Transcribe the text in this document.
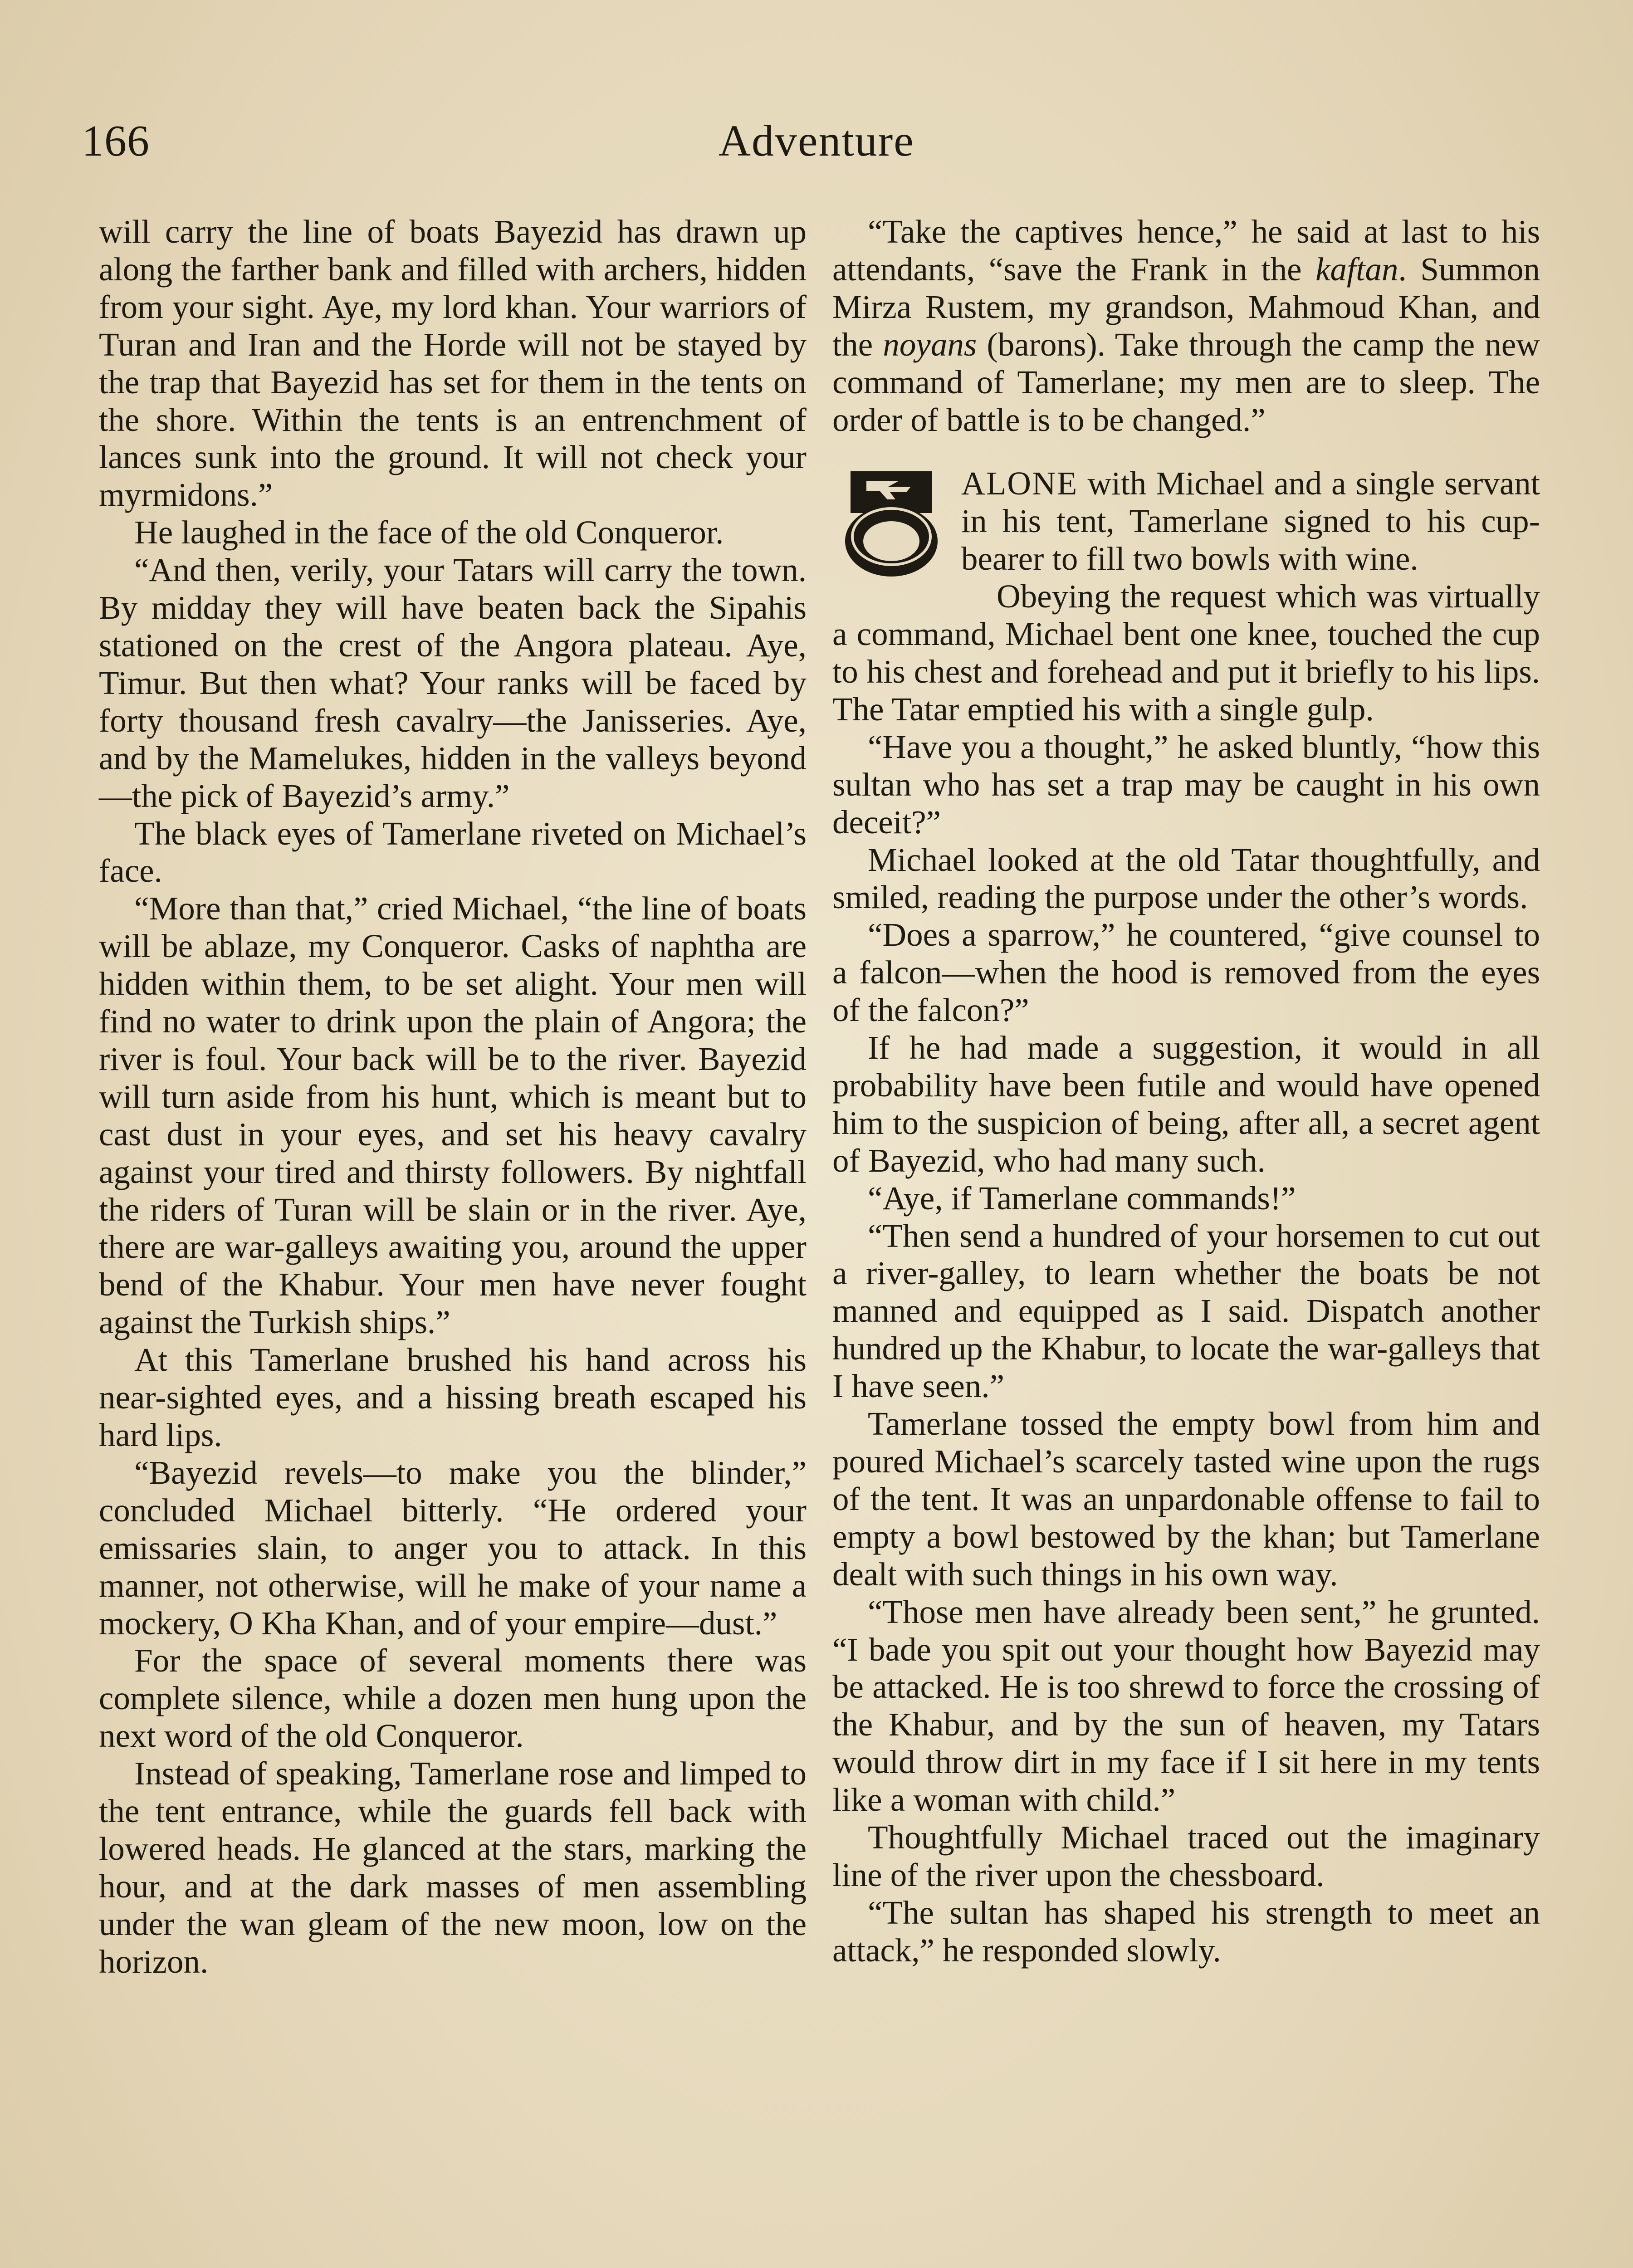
166	Adventure

will carry the line of boats Bayezid has drawn up along the farther bank and filled with archers, hidden from your sight. Aye, my lord khan. Your warriors of Turan and Iran and the Horde will not be stayed by the trap that Bayezid has set for them in the tents on the shore. Within the tents is an entrenchment of lances sunk into the ground. It will not check your myrmidons.”

He laughed in the face of the old Conqueror.

“And then, verily, your Tatars will carry the town. By midday they will have beaten back the Sipahis stationed on the crest of the Angora plateau. Aye, Timur. But then what? Your ranks will be faced by forty thousand fresh cavalry—the Janisseries. Aye, and by the Mamelukes, hidden in the valleys beyond—the pick of Bayezid’s army.”

The black eyes of Tamerlane riveted on Michael’s face.

“More than that,” cried Michael, “the line of boats will be ablaze, my Conqueror. Casks of naphtha are hidden within them, to be set alight. Your men will find no water to drink upon the plain of Angora; the river is foul. Your back will be to the river. Bayezid will turn aside from his hunt, which is meant but to cast dust in your eyes, and set his heavy cavalry against your tired and thirsty followers. By nightfall the riders of Turan will be slain or in the river. Aye, there are war-galleys awaiting you, around the upper bend of the Khabur. Your men have never fought against the Turkish ships.”

At this Tamerlane brushed his hand across his near-sighted eyes, and a hissing breath escaped his hard lips.

“Bayezid revels—to make you the blinder,” concluded Michael bitterly. “He ordered your emissaries slain, to anger you to attack. In this manner, not otherwise, will he make of your name a mockery, O Kha Khan, and of your empire—dust.”

For the space of several moments there was complete silence, while a dozen men hung upon the next word of the old Conqueror.

Instead of speaking, Tamerlane rose and limped to the tent entrance, while the guards fell back with lowered heads. He glanced at the stars, marking the hour, and at the dark masses of men assembling under the wan gleam of the new moon, low on the horizon.

“Take the captives hence,” he said at last to his attendants, “save the Frank in the kaftan. Summon Mirza Rustem, my grandson, Mahmoud Khan, and the noyans (barons). Take through the camp the new command of Tamerlane; my men are to sleep. The order of battle is to be changed.”

ALONE with Michael and a single servant in his tent, Tamerlane signed to his cup-bearer to fill two bowls with wine.

Obeying the request which was virtually a command, Michael bent one knee, touched the cup to his chest and forehead and put it briefly to his lips. The Tatar emptied his with a single gulp.

“Have you a thought,” he asked bluntly, “how this sultan who has set a trap may be caught in his own deceit?”

Michael looked at the old Tatar thoughtfully, and smiled, reading the purpose under the other’s words.

“Does a sparrow,” he countered, “give counsel to a falcon—when the hood is removed from the eyes of the falcon?”

If he had made a suggestion, it would in all probability have been futile and would have opened him to the suspicion of being, after all, a secret agent of Bayezid, who had many such.

“Aye, if Tamerlane commands!”

“Then send a hundred of your horsemen to cut out a river-galley, to learn whether the boats be not manned and equipped as I said. Dispatch another hundred up the Khabur, to locate the war-galleys that I have seen.”

Tamerlane tossed the empty bowl from him and poured Michael’s scarcely tasted wine upon the rugs of the tent. It was an unpardonable offense to fail to empty a bowl bestowed by the khan; but Tamerlane dealt with such things in his own way.

“Those men have already been sent,” he grunted. “I bade you spit out your thought how Bayezid may be attacked. He is too shrewd to force the crossing of the Khabur, and by the sun of heaven, my Tatars would throw dirt in my face if I sit here in my tents like a woman with child.”

Thoughtfully Michael traced out the imaginary line of the river upon the chessboard.

“The sultan has shaped his strength to meet an attack,” he responded slowly.
